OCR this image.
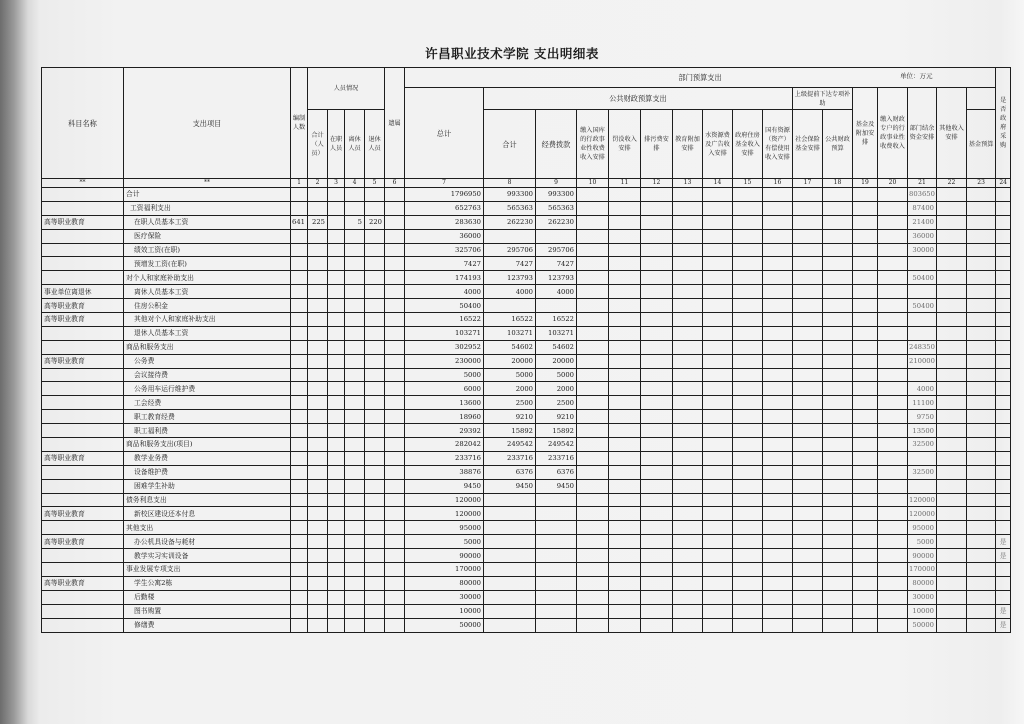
许昌职业技术学院 支出明细表
单位：万元
科目名称	支出项目	编制人数	人员情况				遗属	部门预算支出																	是否政府采购
								总计	公共财政预算支出									上级提前下达专项补助		基金及附加安排	缴入财政专户的行政事业性收费收入	部门结余资金安排	其他收入安排		
			合计（人员）	在职人员	离休人员	退休人员			合计	经费拨款	缴入国库的行政事业性收费收入安排	罚没收入安排	排污费安排	教育附加安排	水资源费及广告收入安排	政府住房基金收入安排	国有资源（资产）有偿使用收入安排	社会保险基金安排	公共财政预算					基金预算	

**	**	1	2	3	4	5	6	7	8	9	10	11	12	13	14	15	16	17	18	19	20	21	22	23	24
	合计							1796950	993300	993300												803650			
	工资福利支出							652763	565363	565363												87400			
高等职业教育	在职人员基本工资	641	225		5	220		283630	262230	262230												21400			
	医疗保险							36000														36000			
	绩效工资(在职)							325706	295706	295706												30000			
	预增发工资(在职)							7427	7427	7427															
	对个人和家庭补助支出							174193	123793	123793												50400			
事业单位离退休	离休人员基本工资							4000	4000	4000															
高等职业教育	住房公积金							50400														50400			
高等职业教育	其他对个人和家庭补助支出							16522	16522	16522															
	退休人员基本工资							103271	103271	103271															
	商品和服务支出							302952	54602	54602												248350			
高等职业教育	公务费							230000	20000	20000												210000			
	会议接待费							5000	5000	5000															
	公务用车运行维护费							6000	2000	2000												4000			
	工会经费							13600	2500	2500												11100			
	职工教育经费							18960	9210	9210												9750			
	职工福利费							29392	15892	15892												13500			
	商品和服务支出(项目)							282042	249542	249542												32500			
高等职业教育	教学业务费							233716	233716	233716															
	设备维护费							38876	6376	6376												32500			
	困难学生补助							9450	9450	9450															
	债务利息支出							120000														120000			
高等职业教育	新校区建设还本付息							120000														120000			
	其他支出							95000														95000			
高等职业教育	办公机具设备与耗材							5000														5000			是
	教学实习实训设备							90000														90000			是
	事业发展专项支出							170000														170000			
高等职业教育	学生公寓2栋							80000														80000			
	后勤楼							30000														30000			
	图书购置							10000														10000			是
	修缮费							50000														50000			是
